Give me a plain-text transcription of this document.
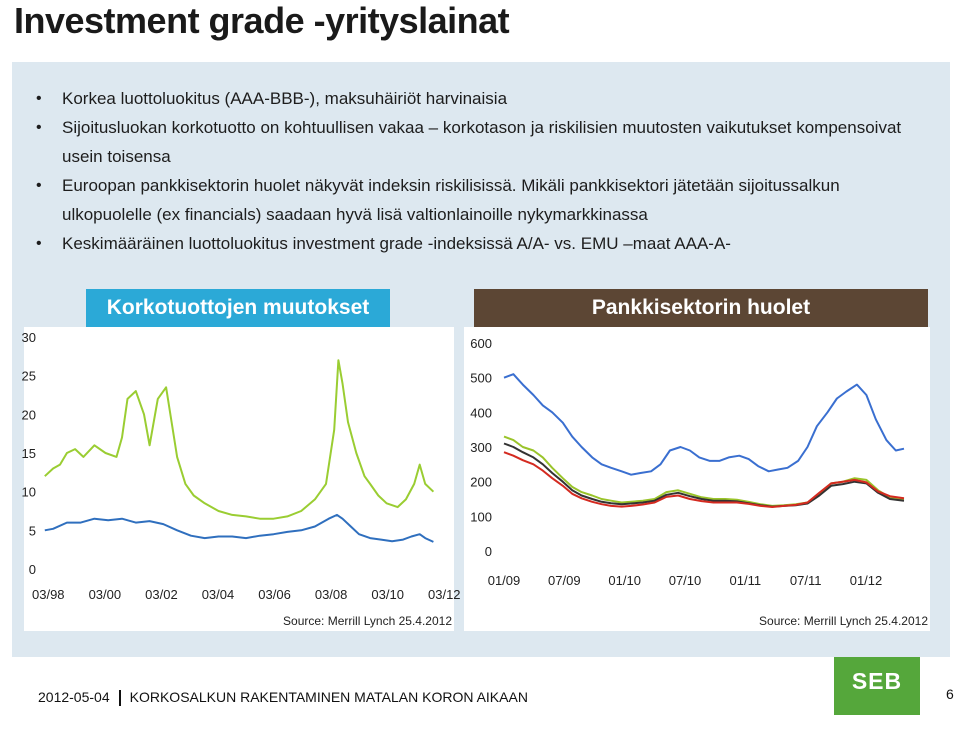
Investment grade -yrityslainat
• Korkea luottoluokitus (AAA-BBB-), maksuhäiriöt harvinaisia
• Sijoitusluokan korkotuotto on kohtuullisen vakaa – korkotason ja riskilisien muutosten vaikutukset kompensoivat usein toisensa
• Euroopan pankkisektorin huolet näkyvät indeksin riskilisissä. Mikäli pankkisektori jätetään sijoitussalkun ulkopuolelle (ex financials) saadaan hyvä lisä valtionlainoille nykymarkkinassa
• Keskimääräinen luottoluokitus investment grade -indeksissä A/A- vs. EMU –maat AAA-A-
0
5
10
15
20
25
30
03/98 03/00 03/02 03/04 03/06 03/08 03/10 03/12
Source: Merrill Lynch 25.4.2012
0
100
200
300
400
500
600
01/09 07/09 01/10 07/10 01/11 07/11 01/12
Source: Merrill Lynch 25.4.2012
Korkotuottojen muutokset	Pankkisektorin huolet
2012-05-04 KORKOSALKUN RAKENTAMINEN MATALAN KORON AIKAAN
SEB	6
